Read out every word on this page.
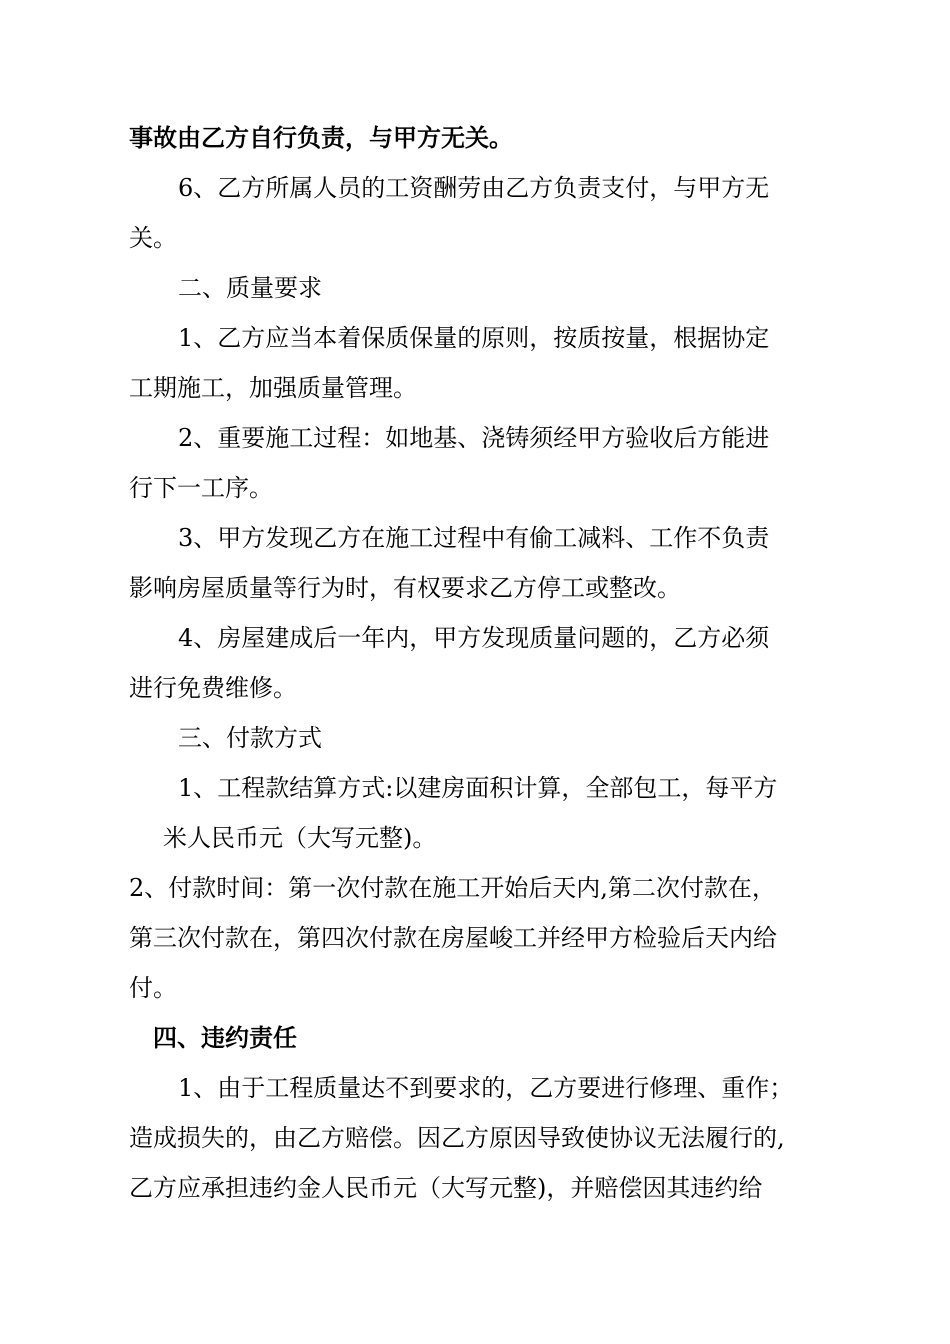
事故由乙方自行负责，与甲方无关。
6、乙方所属人员的工资酬劳由乙方负责支付，与甲方无
关。
二、质量要求
1、乙方应当本着保质保量的原则，按质按量，根据协定
工期施工，加强质量管理。
2、重要施工过程：如地基、浇铸须经甲方验收后方能进
行下一工序。
3、甲方发现乙方在施工过程中有偷工减料、工作不负责
影响房屋质量等行为时，有权要求乙方停工或整改。
4、房屋建成后一年内，甲方发现质量问题的，乙方必须
进行免费维修。
三、付款方式
1、工程款结算方式:以建房面积计算，全部包工，每平方
米人民币元（大写元整)。
2、付款时间：第一次付款在施工开始后天内,第二次付款在，
第三次付款在，第四次付款在房屋峻工并经甲方检验后天内给
付。
四、违约责任
1、由于工程质量达不到要求的，乙方要进行修理、重作；
造成损失的，由乙方赔偿。因乙方原因导致使协议无法履行的,
乙方应承担违约金人民币元（大写元整)，并赔偿因其违约给
